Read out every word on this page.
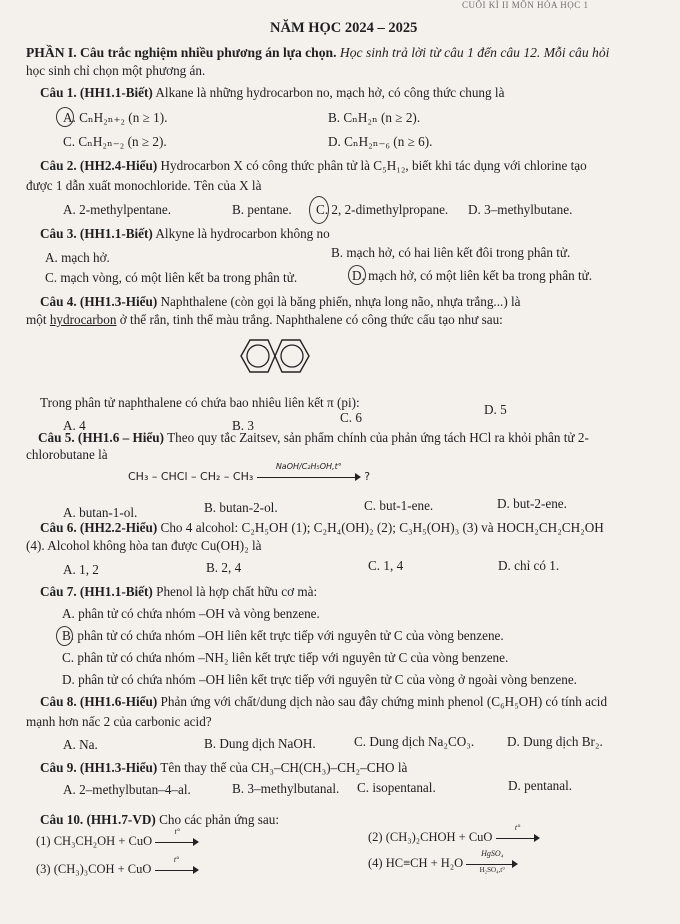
CUỐI KÌ II MÔN HÓA HỌC 1
NĂM HỌC 2024 – 2025
PHẦN I. Câu trắc nghiệm nhiều phương án lựa chọn. Học sinh trả lời từ câu 1 đến câu 12. Mỗi câu hỏi
học sinh chỉ chọn một phương án.
Câu 1. (HH1.1-Biết) Alkane là những hydrocarbon no, mạch hở, có công thức chung là
A. CₙH₂ₙ₊₂ (n ≥ 1).	B. CₙH₂ₙ (n ≥ 2).
C. CₙH₂ₙ₋₂ (n ≥ 2).	D. CₙH₂ₙ₋₆ (n ≥ 6).
Câu 2. (HH2.4-Hiểu) Hydrocarbon X có công thức phân tử là C₅H₁₂, biết khi tác dụng với chlorine tạo
được 1 dẫn xuất monochloride. Tên của X là
A. 2-methylpentane.	B. pentane. C. 2, 2-dimethylpropane. D. 3–methylbutane.
Câu 3. (HH1.1-Biết) Alkyne là hydrocarbon không no
A. mạch hở.	B. mạch hở, có hai liên kết đôi trong phân tử.
C. mạch vòng, có một liên kết ba trong phân tử.	D. mạch hở, có một liên kết ba trong phân tử.
Câu 4. (HH1.3-Hiểu) Naphthalene (còn gọi là băng phiến, nhựa long não, nhựa trắng...) là
một hydrocarbon ở thể rắn, tinh thể màu trắng. Naphthalene có công thức cấu tạo như sau:
Trong phân tử naphthalene có chứa bao nhiêu liên kết π (pi):
A. 4	B. 3
C. 6
D. 5
Câu 5. (HH1.6 – Hiểu) Theo quy tắc Zaitsev, sản phẩm chính của phản ứng tách HCl ra khỏi phân tử 2-
chlorobutane là
CH₃ – CHCl – CH₂ – CH₃
NaOH/C₂H₅OH,t°
?
A. butan-1-ol.	B. butan-2-ol.	C. but-1-ene.	D. but-2-ene.
Câu 6. (HH2.2-Hiểu) Cho 4 alcohol: C₂H₅OH (1); C₂H₄(OH)₂ (2); C₃H₅(OH)₃ (3) và HOCH₂CH₂CH₂OH
(4). Alcohol không hòa tan được Cu(OH)₂ là
A. 1, 2	B. 2, 4	C. 1, 4	D. chỉ có 1.
Câu 7. (HH1.1-Biết) Phenol là hợp chất hữu cơ mà:
A. phân tử có chứa nhóm –OH và vòng benzene.
B. phân tử có chứa nhóm –OH liên kết trực tiếp với nguyên tử C của vòng benzene.
C. phân tử có chứa nhóm –NH₂ liên kết trực tiếp với nguyên tử C của vòng benzene.
D. phân tử có chứa nhóm –OH liên kết trực tiếp với nguyên tử C của vòng ở ngoài vòng benzene.
Câu 8. (HH1.6-Hiểu) Phản ứng với chất/dung dịch nào sau đây chứng minh phenol (C₆H₅OH) có tính acid
mạnh hơn nấc 2 của carbonic acid?
A. Na.	B. Dung dịch NaOH.	C. Dung dịch Na₂CO₃. D. Dung dịch Br₂.
Câu 9. (HH1.3-Hiểu) Tên thay thế của CH₃–CH(CH₃)–CH₂–CHO là
A. 2–methylbutan–4–al.	B. 3–methylbutanal. C. isopentanal.	D. pentanal.
Câu 10. (HH1.7-VD) Cho các phản ứng sau:
(1) CH₃CH₂OH + CuO
t°	(2) (CH₃)₂CHOH + CuO
t°
(3) (CH₃)₃COH + CuO
t°	(4) HC≡CH + H₂O
HgSO₄
H₂SO₄,t°
